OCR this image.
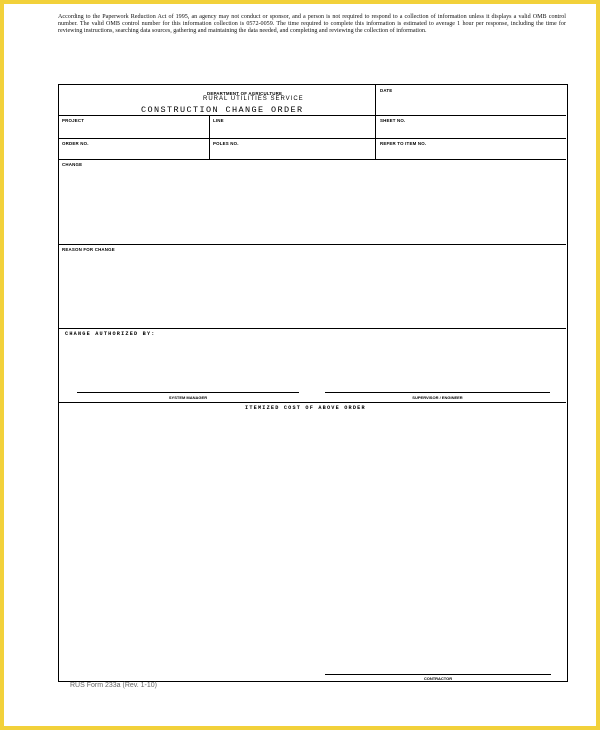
According to the Paperwork Reduction Act of 1995, an agency may not conduct or sponsor, and a person is not required to respond to a collection of information unless it displays a valid OMB control number. The valid OMB control number for this information collection is 0572-0059. The time required to complete this information is estimated to average 1 hour per response, including the time for reviewing instructions, searching data sources, gathering and maintaining the data needed, and completing and reviewing the collection of information.
DEPARTMENT OF AGRICULTURE
RURAL UTILITIES SERVICE
CONSTRUCTION CHANGE ORDER
DATE
PROJECT	LINE	SHEET NO.
ORDER NO.	POLES NO.	REFER TO ITEM NO.
CHANGE
REASON FOR CHANGE
CHANGE AUTHORIZED BY:
SYSTEM MANAGER	SUPERVISOR / ENGINEER
ITEMIZED COST OF ABOVE ORDER
CONTRACTOR
RUS Form 233a (Rev. 1-10)
